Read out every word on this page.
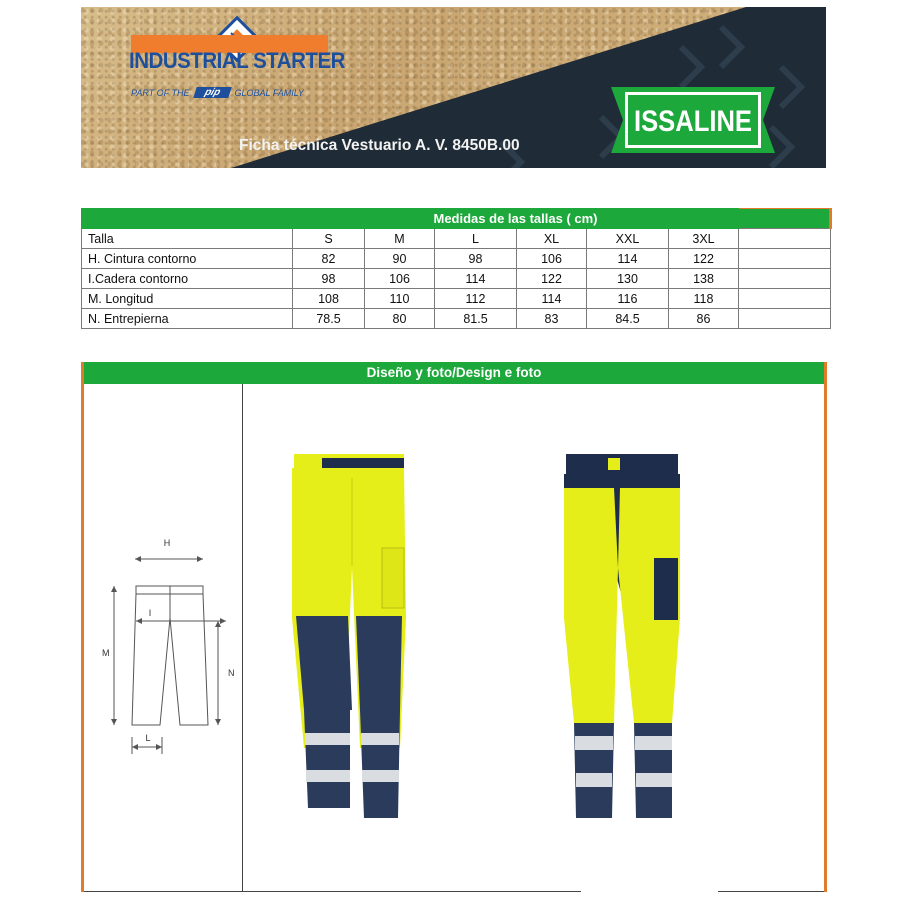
INDUSTRIAL STARTER
PART OF THE	pip	GLOBAL FAMILY
ISSALINE
Ficha técnica Vestuario A. V. 8450B.00
	Medidas de las tallas ( cm)						
Talla	S	M	L	XL	XXL	3XL	
H. Cintura contorno	82	90	98	106	114	122	
I.Cadera contorno	98	106	114	122	130	138	
M. Longitud	108	110	112	114	116	118	
N. Entrepierna	78.5	80	81.5	83	84.5	86	
Diseño y foto/Design e foto
H
I
M
N
L
